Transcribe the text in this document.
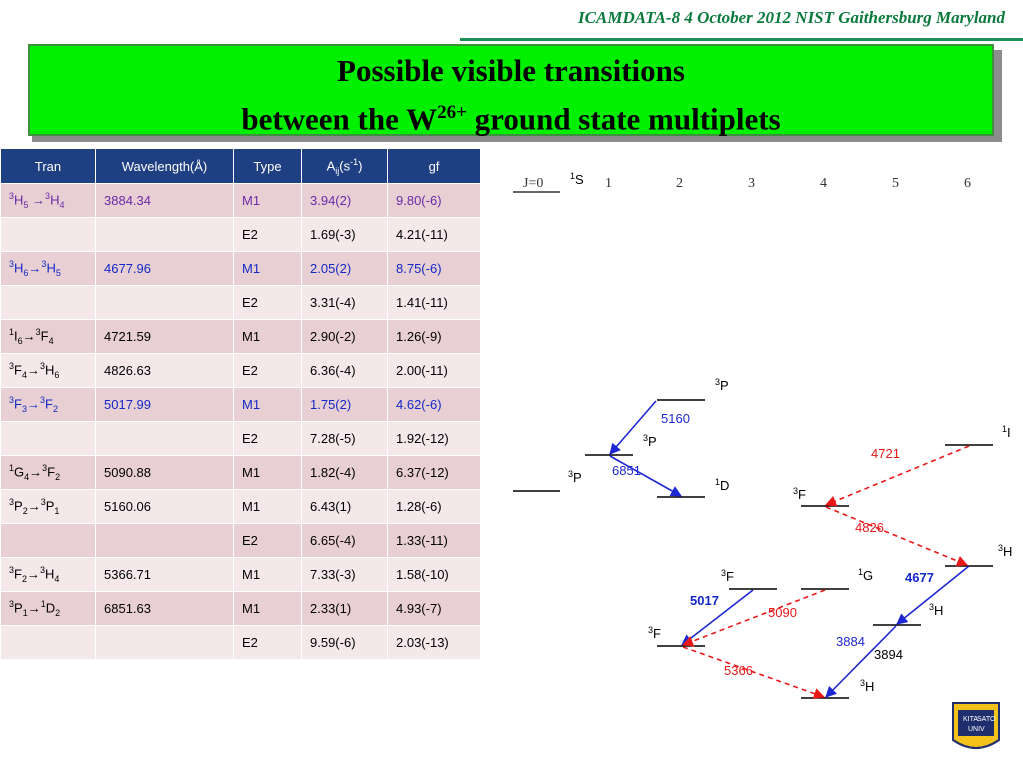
ICAMDATA-8 4 October 2012 NIST Gaithersburg Maryland
Possible visible transitions
between the $W^{26+}$ ground state multiplets
Tran	Wavelength(Å)	Type	$A_{ij}(s^{-1})$	gf
$^3H_5 \to^3H_4$	3884.34	M1	3.94(2)	9.80(-6)
		E2	1.69(-3)	4.21(-11)
$^3H_6\to^3H_5$	4677.96	M1	2.05(2)	8.75(-6)
		E2	3.31(-4)	1.41(-11)
$^1I_6\to^3F_4$	4721.59	M1	2.90(-2)	1.26(-9)
$^3F_4\to^3H_6$	4826.63	E2	6.36(-4)	2.00(-11)
$^3F_3\to^3F_2$	5017.99	M1	1.75(2)	4.62(-6)
		E2	7.28(-5)	1.92(-12)
$^1G_4\to^3F_2$	5090.88	M1	1.82(-4)	6.37(-12)
$^3P_2\to^3P_1$	5160.06	M1	6.43(1)	1.28(-6)
		E2	6.65(-4)	1.33(-11)
$^3F_2\to^3H_4$	5366.71	M1	7.33(-3)	1.58(-10)
$^3P_1\to^1D_2$	6851.63	M1	2.33(1)	4.93(-7)
		E2	9.59(-6)	2.03(-13)
J=0	1	2	3	4	5	6
$^1$S
$^3$P
$^3$P
$^3$P
$^1$D
$^3$F
$^3$F
$^3$F
$^1$G
$^3$H
$^3$H
$^3$H
$^1$I
5160
6851
4677
5017
3884
3894
4721
4826
5090
5366
KITA
SATO
UNIV
